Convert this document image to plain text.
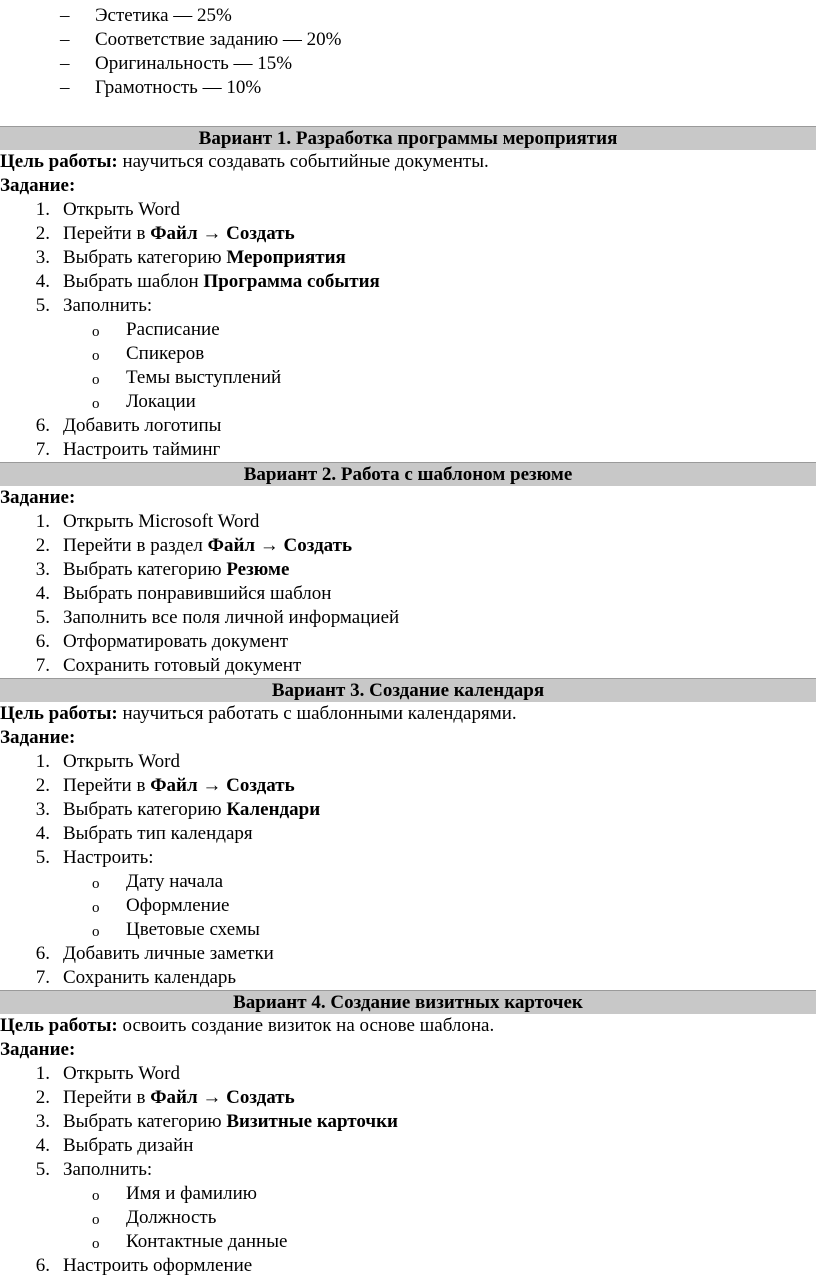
– Эстетика — 25%
– Соответствие заданию — 20%
– Оригинальность — 15%
– Грамотность — 10%
Вариант 1. Разработка программы мероприятия
Цель работы: научиться создавать событийные документы.
Задание:
1. Открыть Word
2. Перейти в Файл → Создать
3. Выбрать категорию Мероприятия
4. Выбрать шаблон Программа события
5. Заполнить:
o Расписание
o Спикеров
o Темы выступлений
o Локации
6. Добавить логотипы
7. Настроить тайминг
Вариант 2. Работа с шаблоном резюме
Задание:
1. Открыть Microsoft Word
2. Перейти в раздел Файл → Создать
3. Выбрать категорию Резюме
4. Выбрать понравившийся шаблон
5. Заполнить все поля личной информацией
6. Отформатировать документ
7. Сохранить готовый документ
Вариант 3. Создание календаря
Цель работы: научиться работать с шаблонными календарями.
Задание:
1. Открыть Word
2. Перейти в Файл → Создать
3. Выбрать категорию Календари
4. Выбрать тип календаря
5. Настроить:
o Дату начала
o Оформление
o Цветовые схемы
6. Добавить личные заметки
7. Сохранить календарь
Вариант 4. Создание визитных карточек
Цель работы: освоить создание визиток на основе шаблона.
Задание:
1. Открыть Word
2. Перейти в Файл → Создать
3. Выбрать категорию Визитные карточки
4. Выбрать дизайн
5. Заполнить:
o Имя и фамилию
o Должность
o Контактные данные
6. Настроить оформление
